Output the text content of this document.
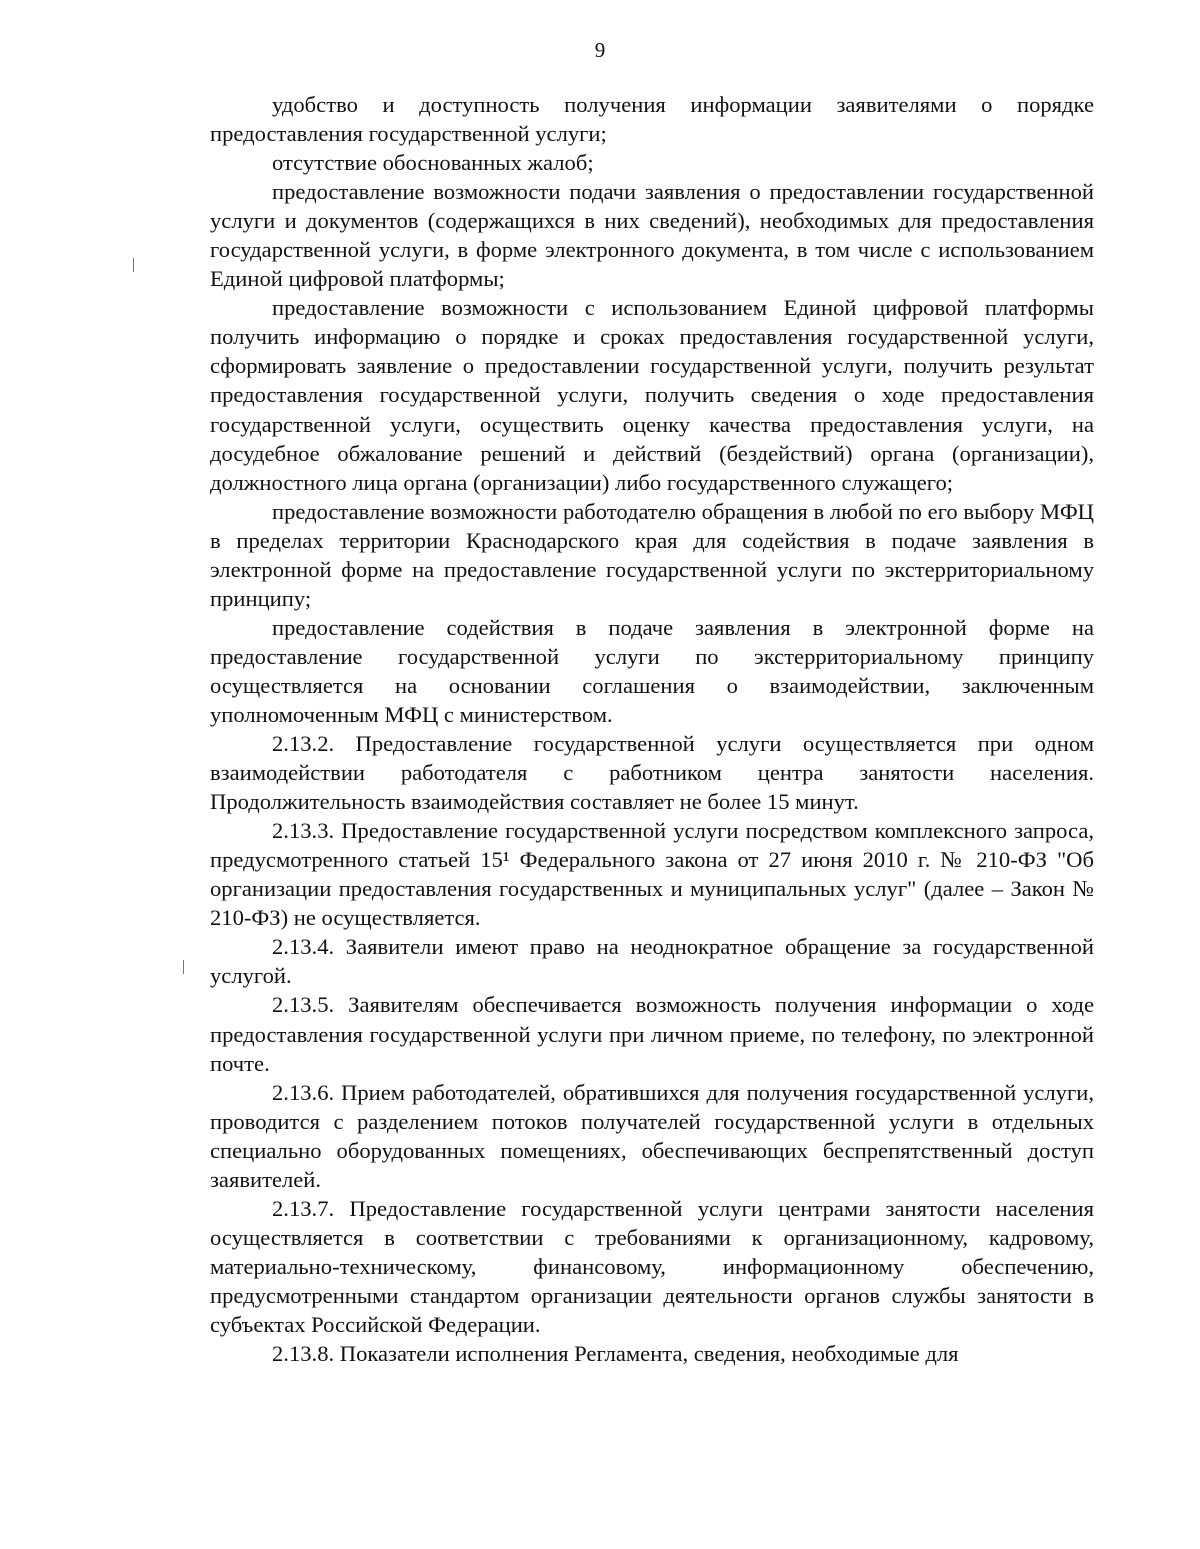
9

удобство и доступность получения информации заявителями о порядке предоставления государственной услуги;

отсутствие обоснованных жалоб;

предоставление возможности подачи заявления о предоставлении государственной услуги и документов (содержащихся в них сведений), необходимых для предоставления государственной услуги, в форме электронного документа, в том числе с использованием Единой цифровой платформы;

предоставление возможности с использованием Единой цифровой платформы получить информацию о порядке и сроках предоставления государственной услуги, сформировать заявление о предоставлении государственной услуги, получить результат предоставления государственной услуги, получить сведения о ходе предоставления государственной услуги, осуществить оценку качества предоставления услуги, на досудебное обжалование решений и действий (бездействий) органа (организации), должностного лица органа (организации) либо государственного служащего;

предоставление возможности работодателю обращения в любой по его выбору МФЦ в пределах территории Краснодарского края для содействия в подаче заявления в электронной форме на предоставление государственной услуги по экстерриториальному принципу;

предоставление содействия в подаче заявления в электронной форме на предоставление государственной услуги по экстерриториальному принципу осуществляется на основании соглашения о взаимодействии, заключенным уполномоченным МФЦ с министерством.

2.13.2. Предоставление государственной услуги осуществляется при одном взаимодействии работодателя с работником центра занятости населения. Продолжительность взаимодействия составляет не более 15 минут.

2.13.3. Предоставление государственной услуги посредством комплексного запроса, предусмотренного статьей 15¹ Федерального закона от 27 июня 2010 г. № 210-ФЗ "Об организации предоставления государственных и муниципальных услуг" (далее – Закон № 210-ФЗ) не осуществляется.

2.13.4. Заявители имеют право на неоднократное обращение за государственной услугой.

2.13.5. Заявителям обеспечивается возможность получения информации о ходе предоставления государственной услуги при личном приеме, по телефону, по электронной почте.

2.13.6. Прием работодателей, обратившихся для получения государственной услуги, проводится с разделением потоков получателей государственной услуги в отдельных специально оборудованных помещениях, обеспечивающих беспрепятственный доступ заявителей.

2.13.7. Предоставление государственной услуги центрами занятости населения осуществляется в соответствии с требованиями к организационному, кадровому, материально-техническому, финансовому, информационному обеспечению, предусмотренными стандартом организации деятельности органов службы занятости в субъектах Российской Федерации.

2.13.8. Показатели исполнения Регламента, сведения, необходимые для
